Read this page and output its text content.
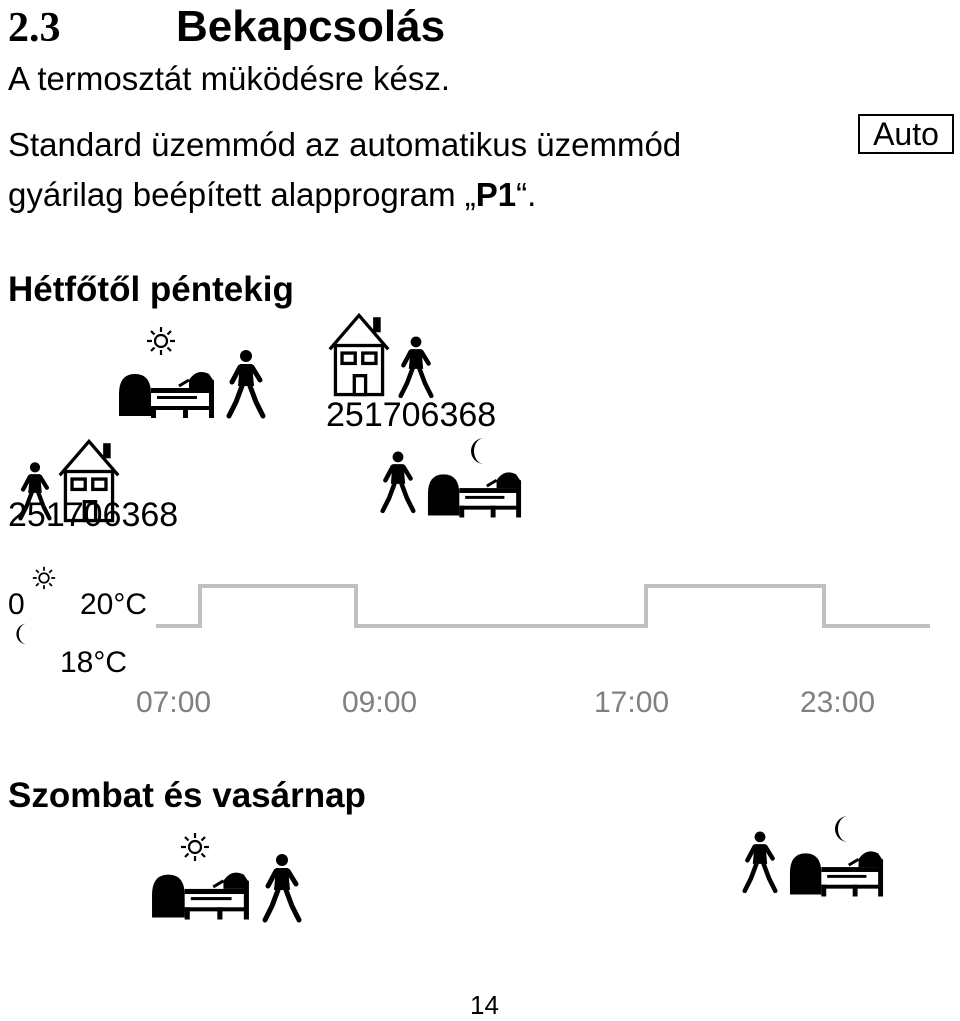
2.3	Bekapcsolás
A termosztát müködésre kész.
Standard üzemmód az automatikus üzemmód	Auto
gyárilag beépített alapprogram „P1“.
Hétfőtől péntekig
251706368
251706368
0 20°C
18°C
07:00	09:00	17:00	23:00
Szombat és vasárnap
14
